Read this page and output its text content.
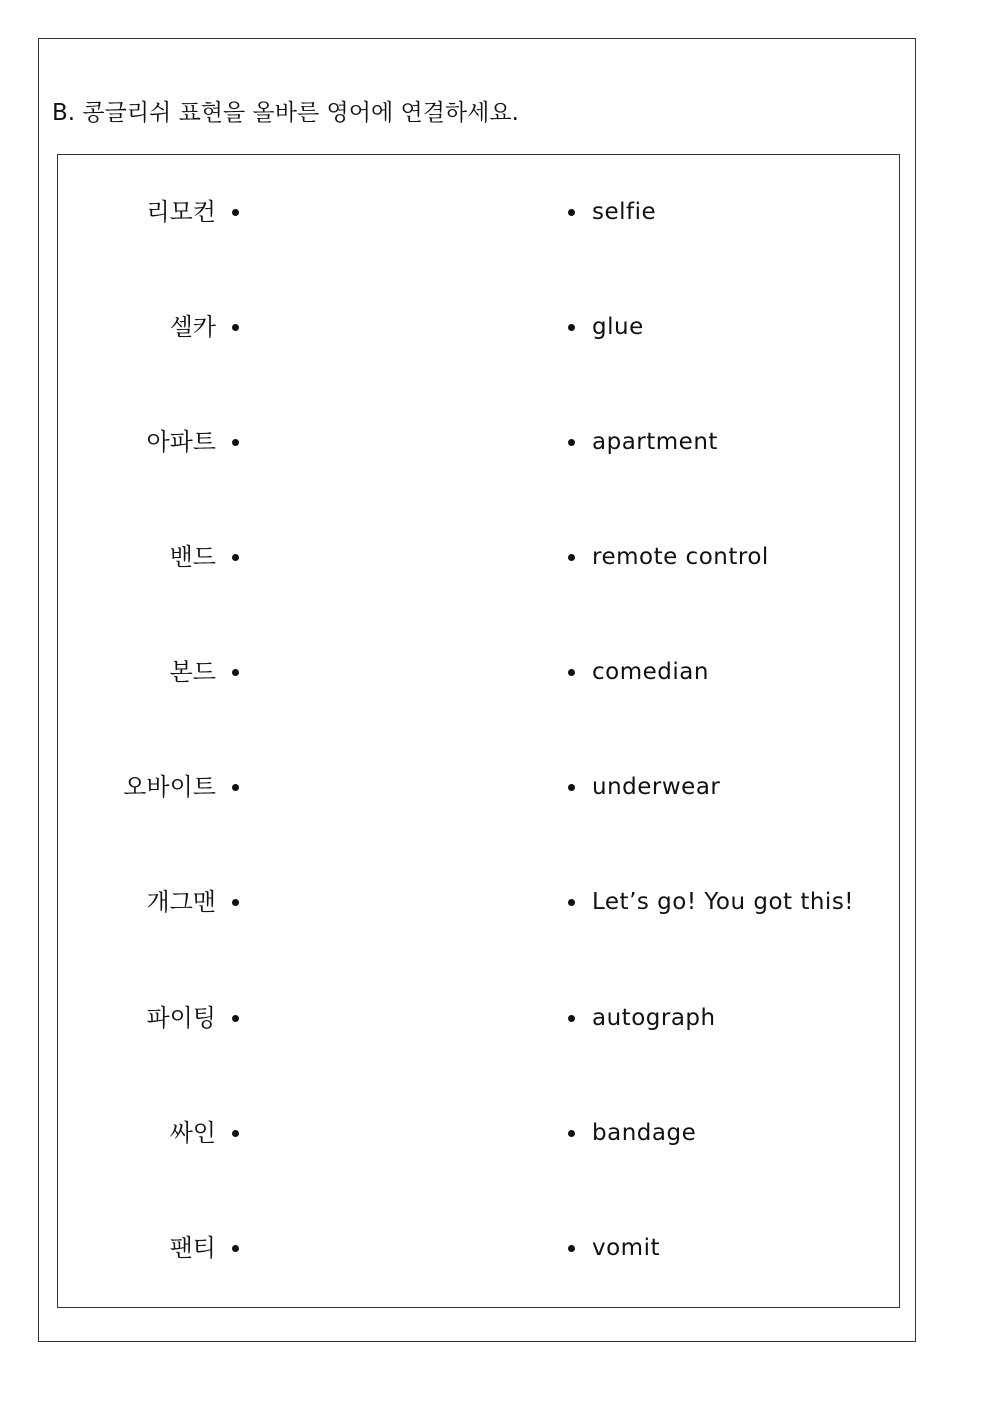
B. 콩글리쉬 표현을 올바른 영어에 연결하세요.
리모컨	selfie
셀카	glue
아파트	apartment
밴드	remote control
본드	comedian
오바이트	underwear
개그맨	Let’s go! You got this!
파이팅	autograph
싸인	bandage
팬티	vomit
